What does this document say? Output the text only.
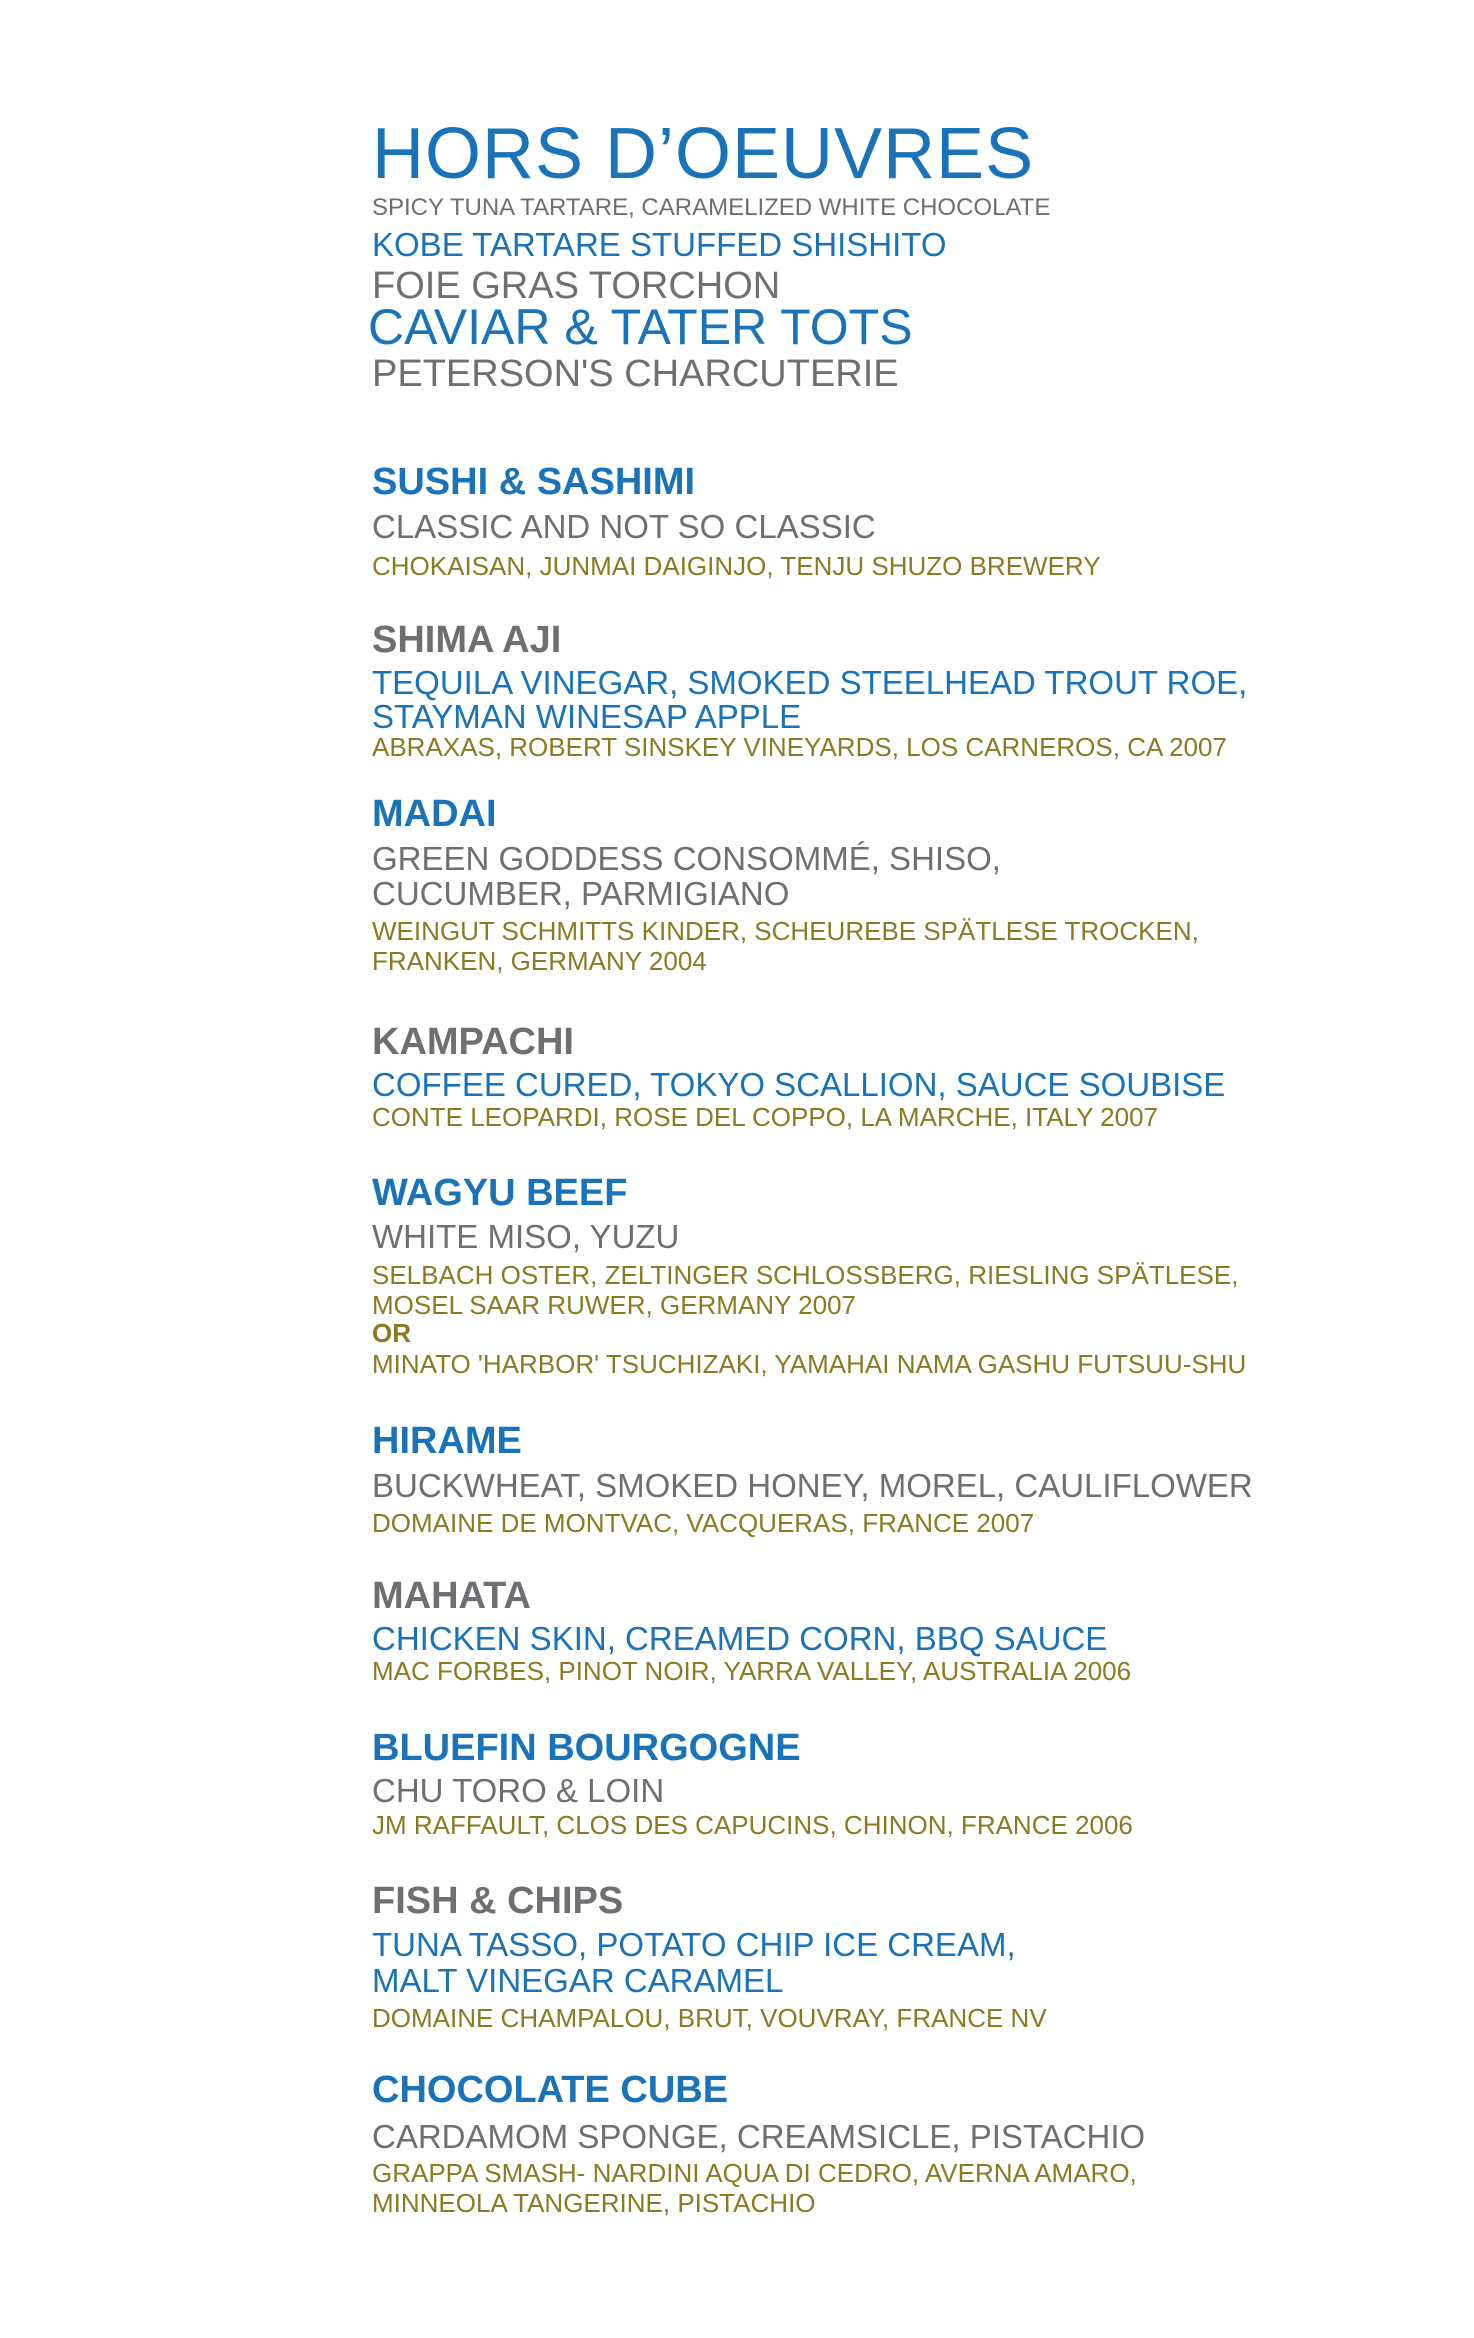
HORS D’OEUVRES
SPICY TUNA TARTARE, CARAMELIZED WHITE CHOCOLATE
KOBE TARTARE STUFFED SHISHITO
FOIE GRAS TORCHON
CAVIAR & TATER TOTS
PETERSON'S CHARCUTERIE
SUSHI & SASHIMI
CLASSIC AND NOT SO CLASSIC
CHOKAISAN, JUNMAI DAIGINJO, TENJU SHUZO BREWERY
SHIMA AJI
TEQUILA VINEGAR, SMOKED STEELHEAD TROUT ROE,
STAYMAN WINESAP APPLE
ABRAXAS, ROBERT SINSKEY VINEYARDS, LOS CARNEROS, CA 2007
MADAI
GREEN GODDESS CONSOMMÉ, SHISO,
CUCUMBER, PARMIGIANO
WEINGUT SCHMITTS KINDER, SCHEUREBE SPÄTLESE TROCKEN,
FRANKEN, GERMANY 2004
KAMPACHI
COFFEE CURED, TOKYO SCALLION, SAUCE SOUBISE
CONTE LEOPARDI, ROSE DEL COPPO, LA MARCHE, ITALY 2007
WAGYU BEEF
WHITE MISO, YUZU
SELBACH OSTER, ZELTINGER SCHLOSSBERG, RIESLING SPÄTLESE,
MOSEL SAAR RUWER, GERMANY 2007
OR
MINATO 'HARBOR' TSUCHIZAKI, YAMAHAI NAMA GASHU FUTSUU-SHU
HIRAME
BUCKWHEAT, SMOKED HONEY, MOREL, CAULIFLOWER
DOMAINE DE MONTVAC, VACQUERAS, FRANCE 2007
MAHATA
CHICKEN SKIN, CREAMED CORN, BBQ SAUCE
MAC FORBES, PINOT NOIR, YARRA VALLEY, AUSTRALIA 2006
BLUEFIN BOURGOGNE
CHU TORO & LOIN
JM RAFFAULT, CLOS DES CAPUCINS, CHINON, FRANCE 2006
FISH & CHIPS
TUNA TASSO, POTATO CHIP ICE CREAM,
MALT VINEGAR CARAMEL
DOMAINE CHAMPALOU, BRUT, VOUVRAY, FRANCE NV
CHOCOLATE CUBE
CARDAMOM SPONGE, CREAMSICLE, PISTACHIO
GRAPPA SMASH- NARDINI AQUA DI CEDRO, AVERNA AMARO,
MINNEOLA TANGERINE, PISTACHIO
